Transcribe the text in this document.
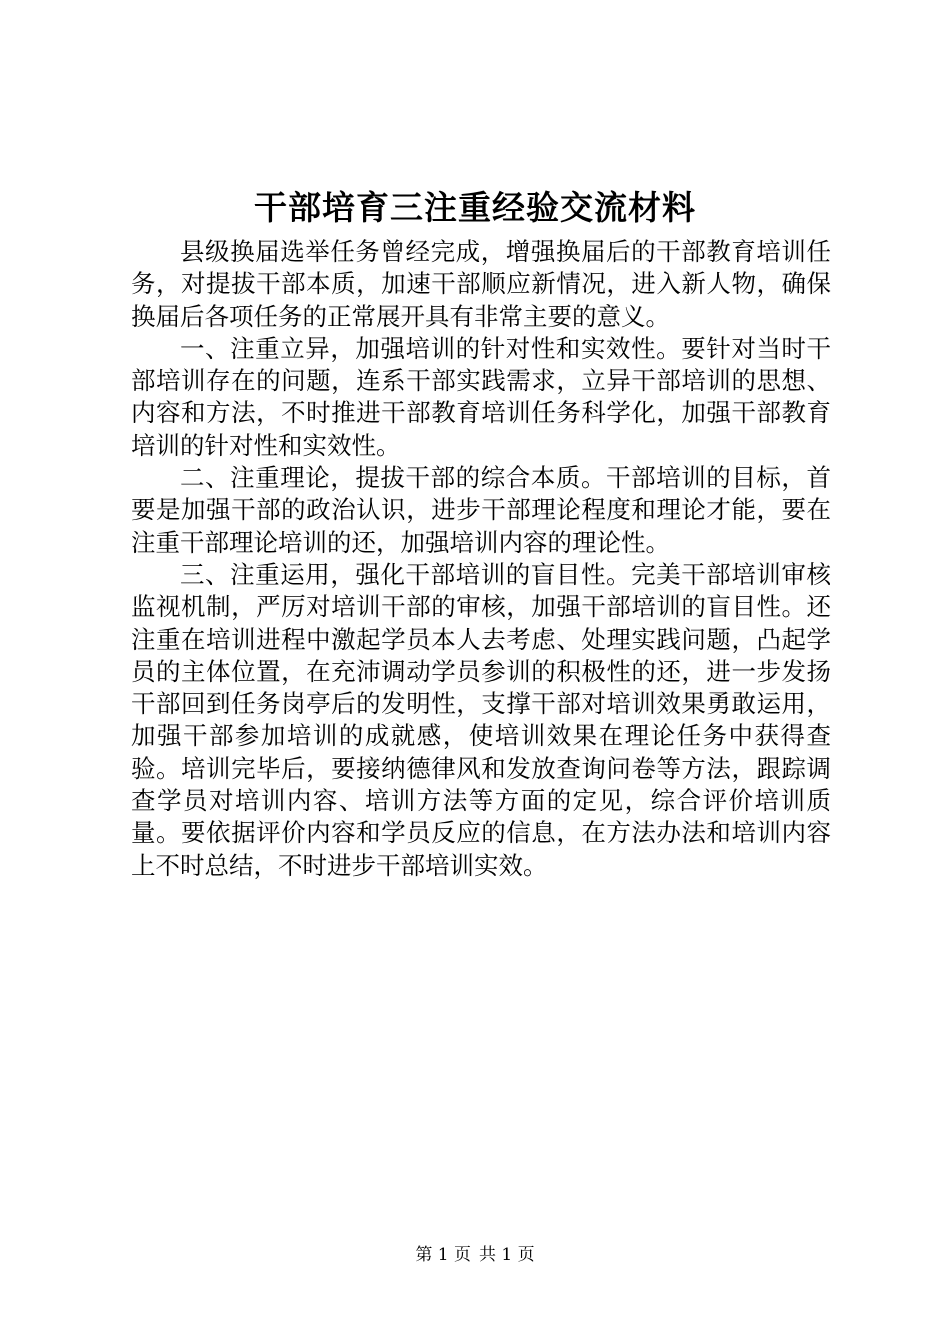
干部培育三注重经验交流材料

县级换届选举任务曾经完成，增强换届后的干部教育培训任务，对提拔干部本质，加速干部顺应新情况，进入新人物，确保换届后各项任务的正常展开具有非常主要的意义。

一、注重立异，加强培训的针对性和实效性。要针对当时干部培训存在的问题，连系干部实践需求，立异干部培训的思想、内容和方法，不时推进干部教育培训任务科学化，加强干部教育培训的针对性和实效性。

二、注重理论，提拔干部的综合本质。干部培训的目标，首要是加强干部的政治认识，进步干部理论程度和理论才能，要在注重干部理论培训的还，加强培训内容的理论性。

三、注重运用，强化干部培训的盲目性。完美干部培训审核监视机制，严厉对培训干部的审核，加强干部培训的盲目性。还注重在培训进程中激起学员本人去考虑、处理实践问题，凸起学员的主体位置，在充沛调动学员参训的积极性的还，进一步发扬干部回到任务岗亭后的发明性，支撑干部对培训效果勇敢运用，加强干部参加培训的成就感，使培训效果在理论任务中获得查验。培训完毕后，要接纳德律风和发放查询问卷等方法，跟踪调查学员对培训内容、培训方法等方面的定见，综合评价培训质量。要依据评价内容和学员反应的信息，在方法办法和培训内容上不时总结，不时进步干部培训实效。

第 1 页 共 1 页
